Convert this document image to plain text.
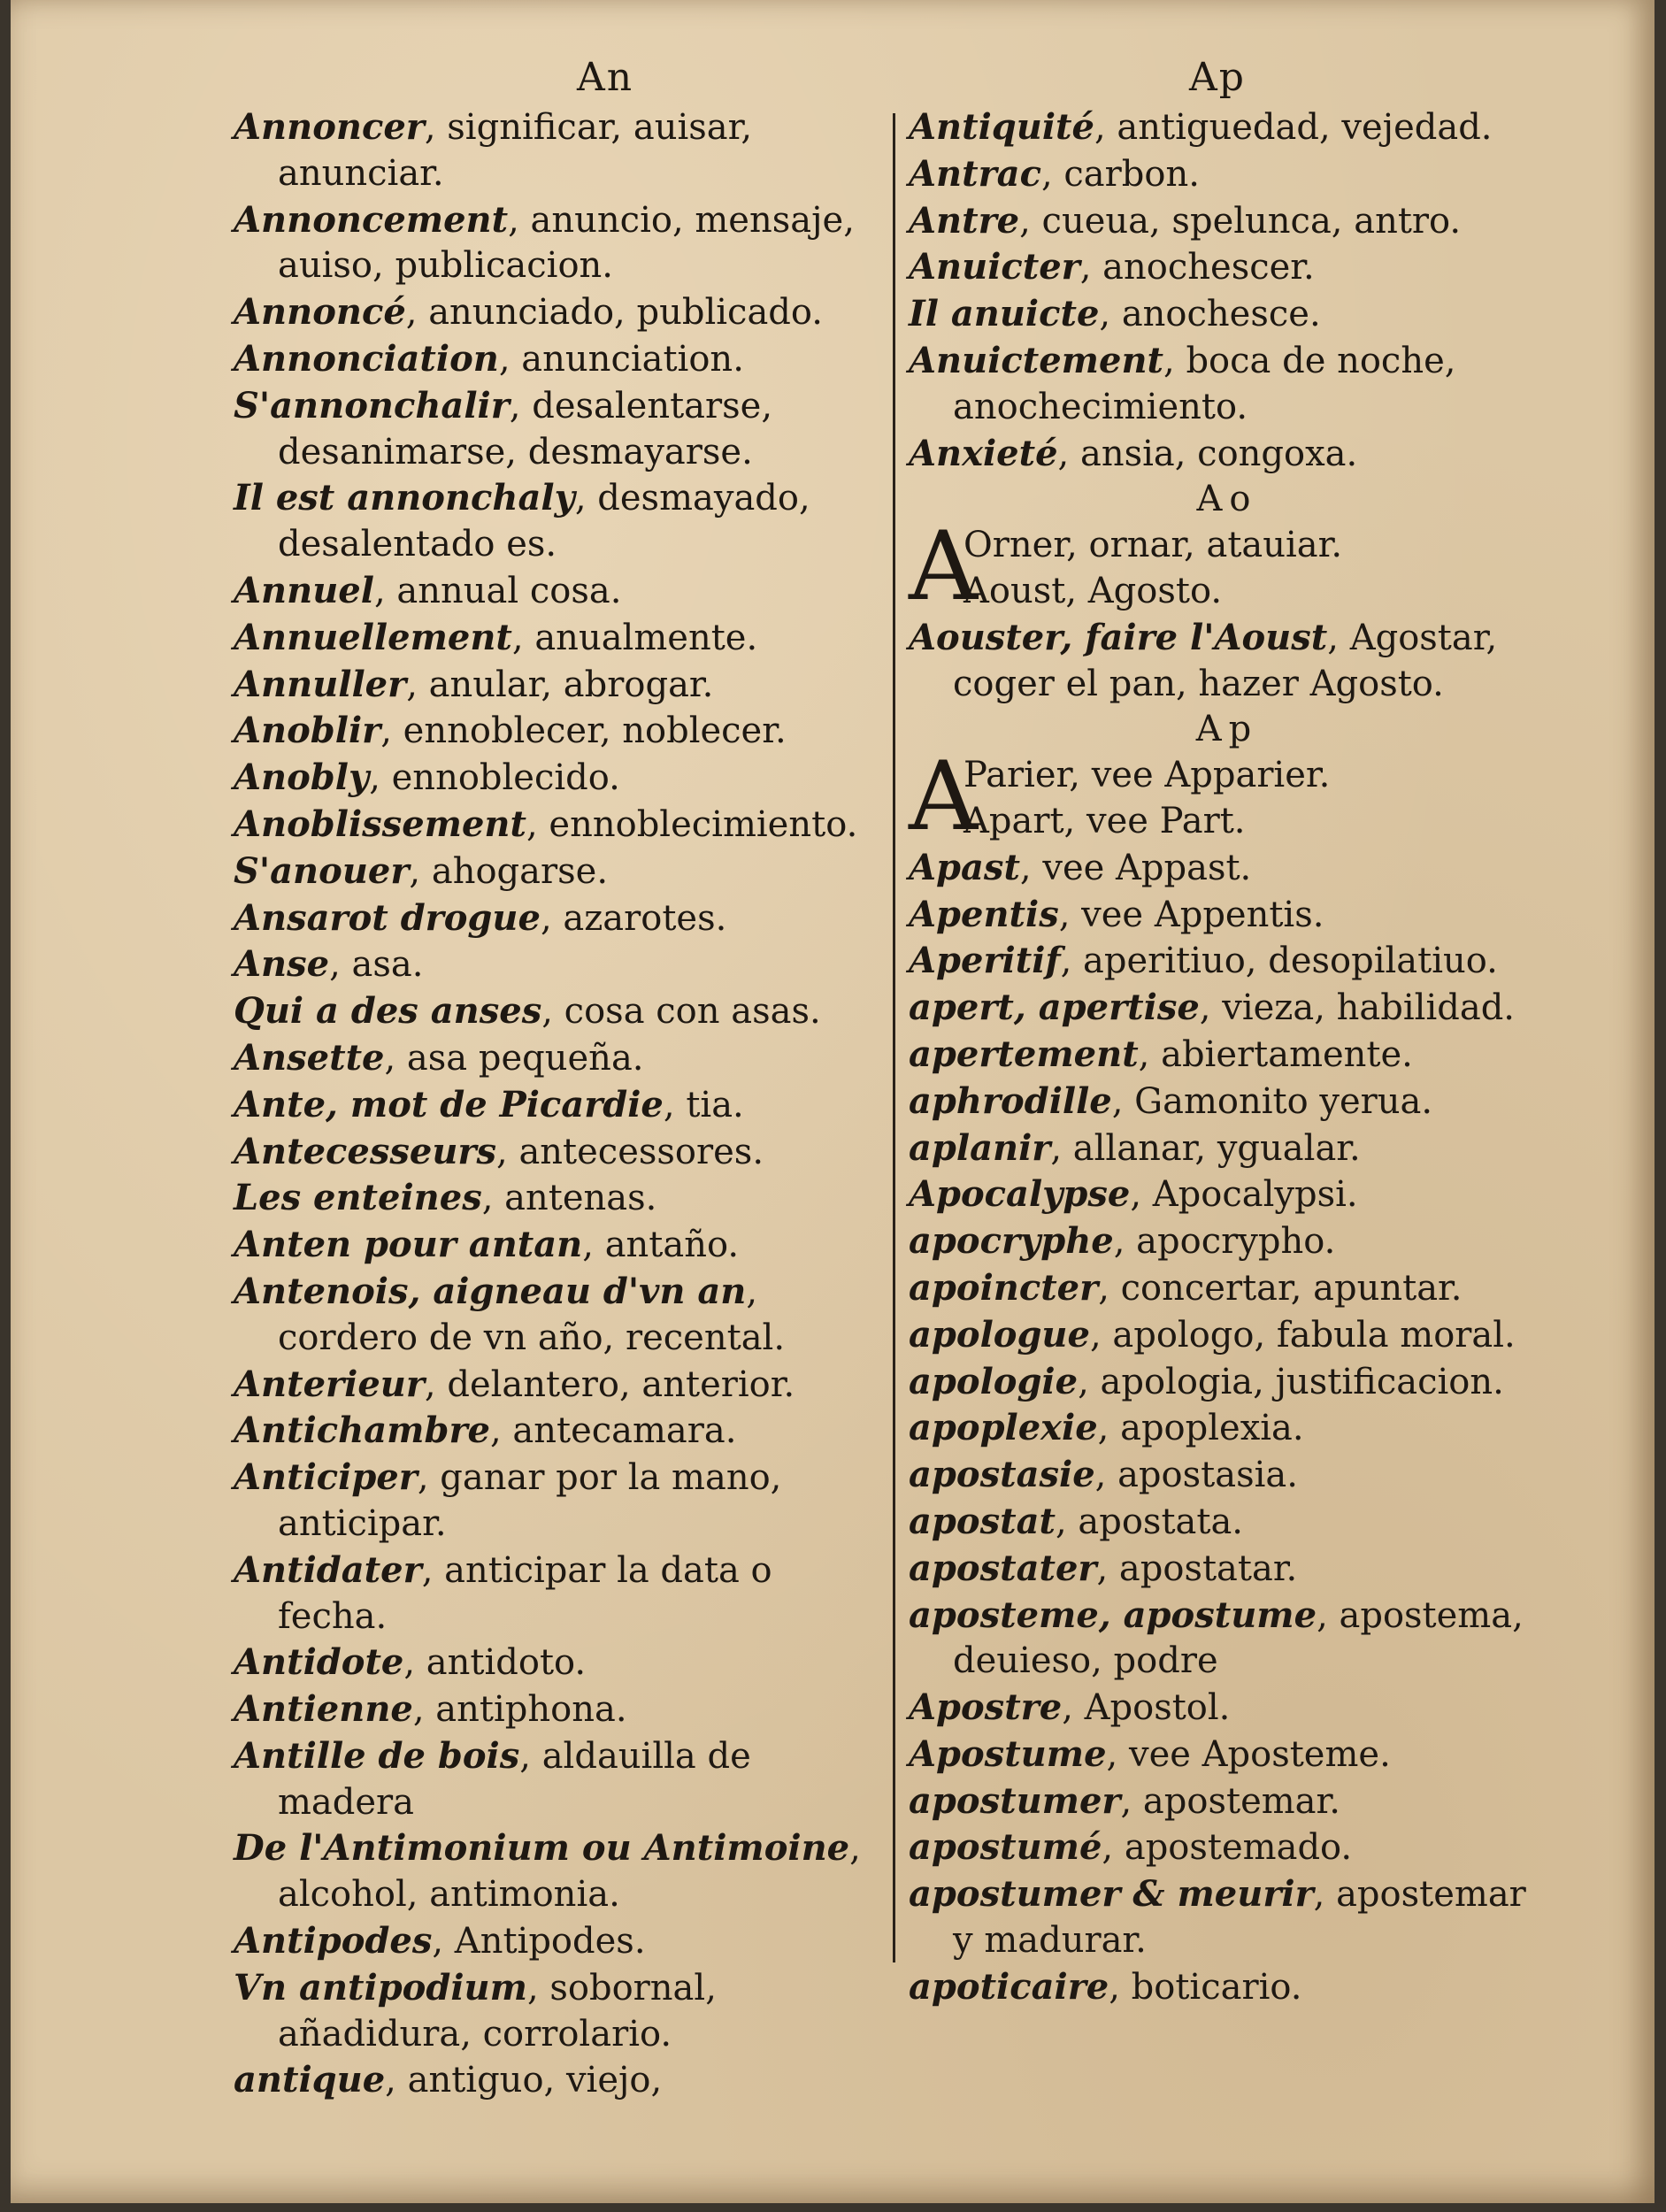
An	Ap

Annoncer, significar, auisar, anunciar.

Annoncement, anuncio, mensaje, auiso, publicacion.

Annoncé, anunciado, publicado.

Annonciation, anunciation.

S'annonchalir, desalentarse, desanimarse, desmayarse.

Il est annonchaly, desmayado, desalentado es.

Annuel, annual cosa.

Annuellement, anualmente.

Annuller, anular, abrogar.

Anoblir, ennoblecer, noblecer.

Anobly, ennoblecido.

Anoblissement, ennoblecimiento.

S'anouer, ahogarse.

Ansarot drogue, azarotes.

Anse, asa.

Qui a des anses, cosa con asas.

Ansette, asa pequeña.

Ante, mot de Picardie, tia.

Antecesseurs, antecessores.

Les enteines, antenas.

Anten pour antan, antaño.

Antenois, aigneau d'vn an, cordero de vn año, recental.

Anterieur, delantero, anterior.

Antichambre, antecamara.

Anticiper, ganar por la mano, anticipar.

Antidater, anticipar la data o fecha.

Antidote, antidoto.

Antienne, antiphona.

Antille de bois, aldauilla de madera

De l'Antimonium ou Antimoine, alcohol, antimonia.

Antipodes, Antipodes.

Vn antipodium, sobornal, añadidura, corrolario.

antique, antiguo, viejo,

Antiquité, antiguedad, vejedad.

Antrac, carbon.

Antre, cueua, spelunca, antro.

Anuicter, anochescer.

Il anuicte, anochesce.

Anuictement, boca de noche, anochecimiento.

Anxieté, ansia, congoxa.

Ao

A
Orner, ornar, atauiar.
Aoust, Agosto.

Aouster, faire l'Aoust, Agostar, coger el pan, hazer Agosto.

Ap

A
Parier, vee Apparier.
Apart, vee Part.

Apast, vee Appast.

Apentis, vee Appentis.

Aperitif, aperitiuo, desopilatiuo.

apert, apertise, vieza, habilidad.

apertement, abiertamente.

aphrodille, Gamonito yerua.

aplanir, allanar, ygualar.

Apocalypse, Apocalypsi.

apocryphe, apocrypho.

apoincter, concertar, apuntar.

apologue, apologo, fabula moral.

apologie, apologia, justificacion.

apoplexie, apoplexia.

apostasie, apostasia.

apostat, apostata.

apostater, apostatar.

aposteme, apostume, apostema, deuieso, podre

Apostre, Apostol.

Apostume, vee Aposteme.

apostumer, apostemar.

apostumé, apostemado.

apostumer & meurir, apostemar y madurar.

apoticaire, boticario.
